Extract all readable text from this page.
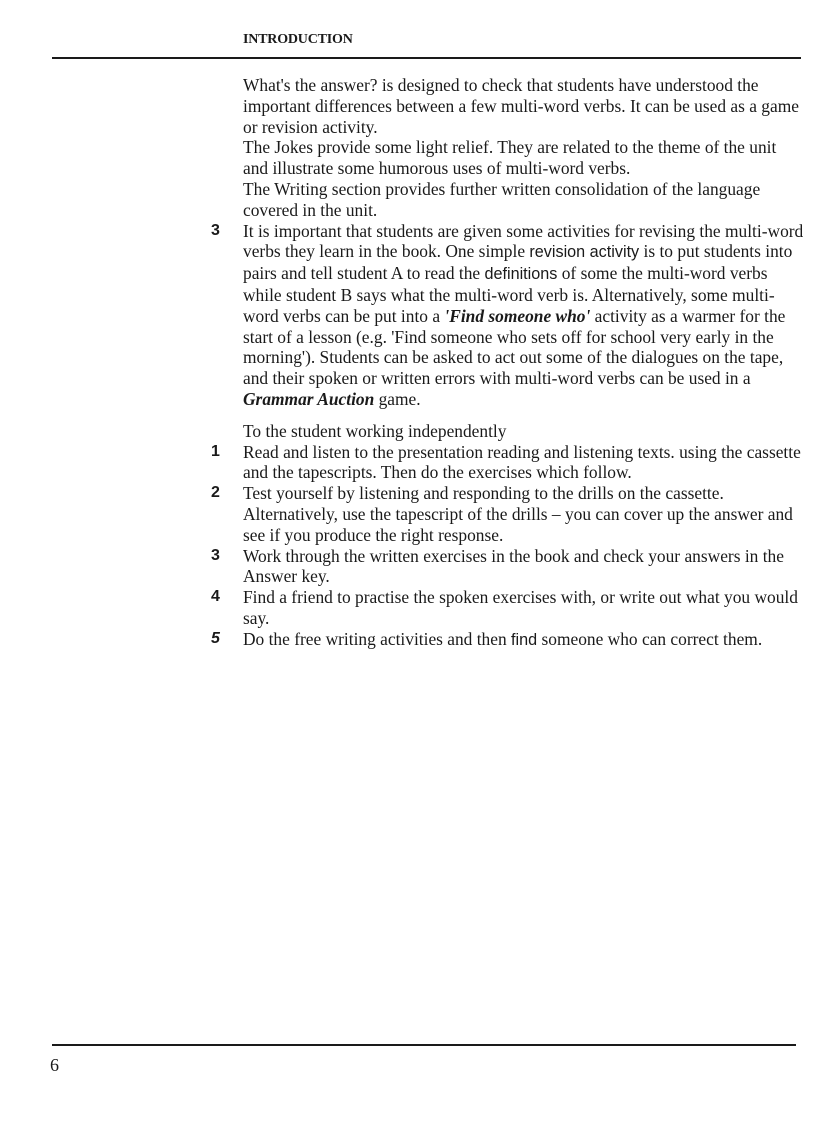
INTRODUCTION

What's the answer? is designed to check that students have understood the important differences between a few multi-word verbs. It can be used as a game or revision activity.

The Jokes provide some light relief. They are related to the theme of the unit and illustrate some humorous uses of multi-word verbs.

The Writing section provides further written consolidation of the language covered in the unit.

3	It is important that students are given some activities for revising the multi-word verbs they learn in the book. One simple revision activity is to put students into pairs and tell student A to read the definitions of some the multi-word verbs while student B says what the multi-word verb is. Alternatively, some multi-word verbs can be put into a 'Find someone who' activity as a warmer for the start of a lesson (e.g. 'Find someone who sets off for school very early in the morning'). Students can be asked to act out some of the dialogues on the tape, and their spoken or written errors with multi-word verbs can be used in a Grammar Auction game.

To the student working independently

1	Read and listen to the presentation reading and listening texts. using the cassette and the tapescripts. Then do the exercises which follow.
2	Test yourself by listening and responding to the drills on the cassette. Alternatively, use the tapescript of the drills – you can cover up the answer and see if you produce the right response.
3	Work through the written exercises in the book and check your answers in the Answer key.
4	Find a friend to practise the spoken exercises with, or write out what you would say.
5	Do the free writing activities and then find someone who can correct them.
6
